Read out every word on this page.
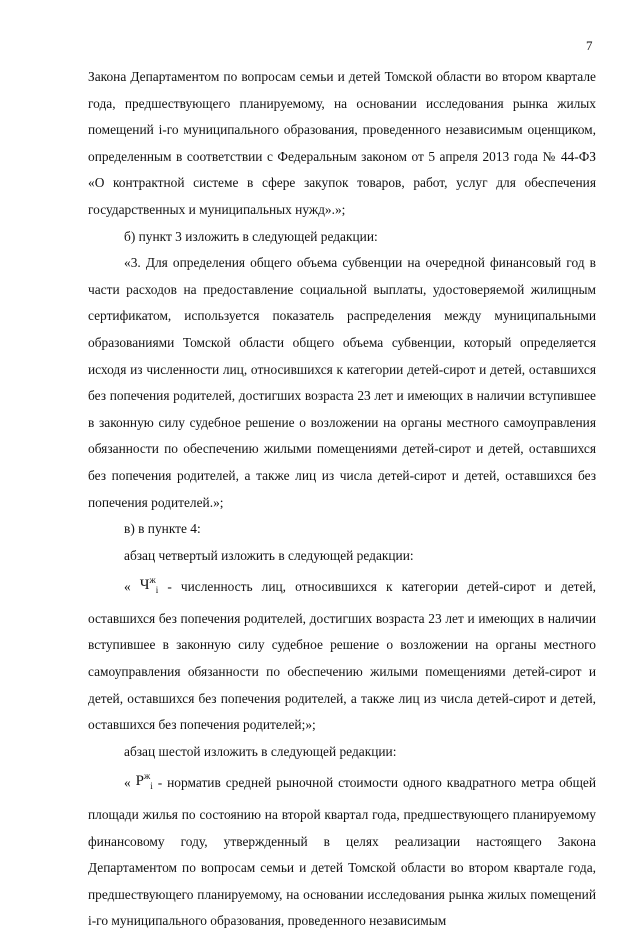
7

Закона Департаментом по вопросам семьи и детей Томской области во втором квартале года, предшествующего планируемому, на основании исследования рынка жилых помещений i-го муниципального образования, проведенного независимым оценщиком, определенным в соответствии с Федеральным законом от 5 апреля 2013 года № 44-ФЗ «О контрактной системе в сфере закупок товаров, работ, услуг для обеспечения государственных и муниципальных нужд».»;

б) пункт 3 изложить в следующей редакции:

«3. Для определения общего объема субвенции на очередной финансовый год в части расходов на предоставление социальной выплаты, удостоверяемой жилищным сертификатом, используется показатель распределения между муниципальными образованиями Томской области общего объема субвенции, который определяется исходя из численности лиц, относившихся к категории детей-сирот и детей, оставшихся без попечения родителей, достигших возраста 23 лет и имеющих в наличии вступившее в законную силу судебное решение о возложении на органы местного самоуправления обязанности по обеспечению жилыми помещениями детей-сирот и детей, оставшихся без попечения родителей, а также лиц из числа детей-сирот и детей, оставшихся без попечения родителей.»;

в) в пункте 4:

абзац четвертый изложить в следующей редакции:

« $Ч^ж_i$ - численность лиц, относившихся к категории детей-сирот и детей, оставшихся без попечения родителей, достигших возраста 23 лет и имеющих в наличии вступившее в законную силу судебное решение о возложении на органы местного самоуправления обязанности по обеспечению жилыми помещениями детей-сирот и детей, оставшихся без попечения родителей, а также лиц из числа детей-сирот и детей, оставшихся без попечения родителей;»;

абзац шестой изложить в следующей редакции:

« $Р^ж_i$ - норматив средней рыночной стоимости одного квадратного метра общей площади жилья по состоянию на второй квартал года, предшествующего планируемому финансовому году, утвержденный в целях реализации настоящего Закона Департаментом по вопросам семьи и детей Томской области во втором квартале года, предшествующего планируемому, на основании исследования рынка жилых помещений i-го муниципального образования, проведенного независимым
